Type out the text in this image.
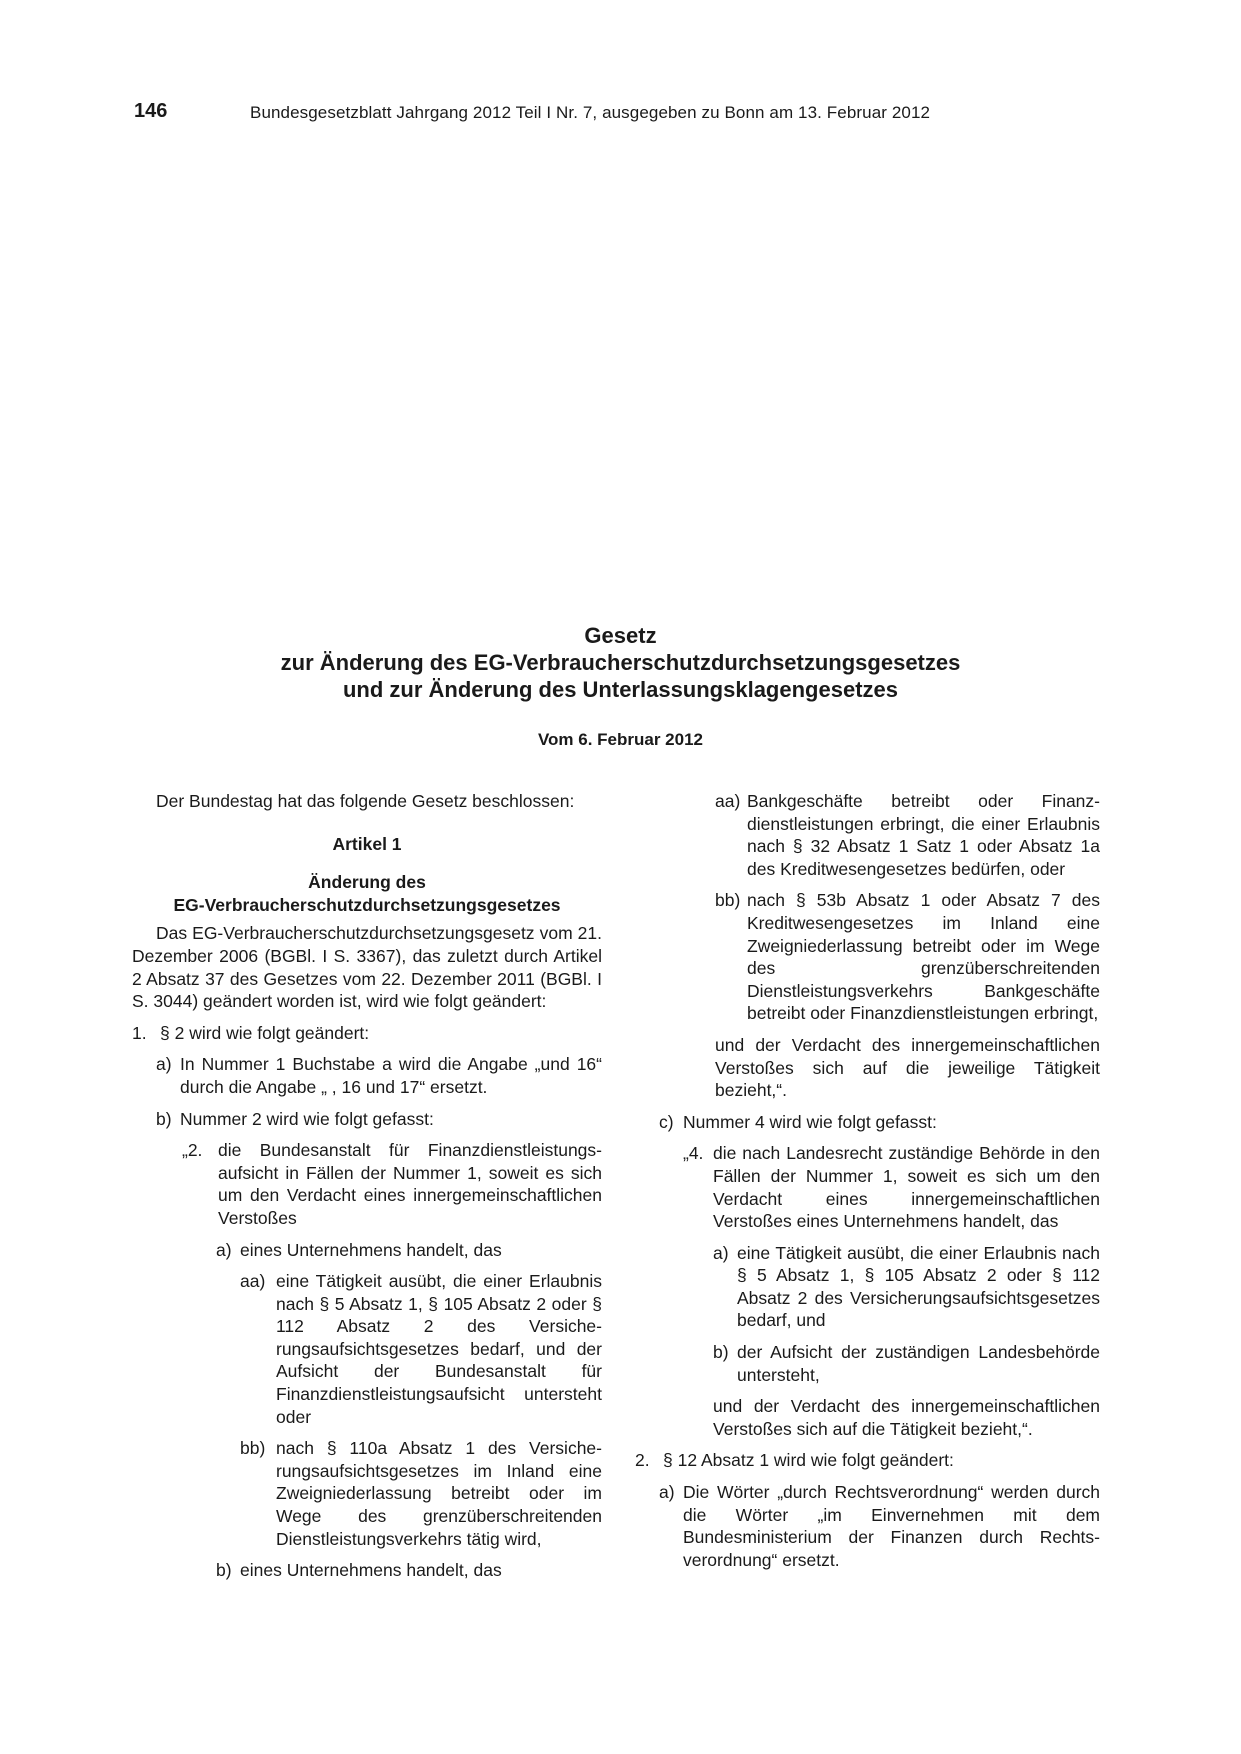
146	Bundesgesetzblatt Jahrgang 2012 Teil I Nr. 7, ausgegeben zu Bonn am 13. Februar 2012
Gesetz
zur Änderung des EG-Verbraucherschutzdurchsetzungsgesetzes
und zur Änderung des Unterlassungsklagengesetzes
Vom 6. Februar 2012

Der Bundestag hat das folgende Gesetz beschlossen:

Artikel 1

Änderung des

EG-Verbraucherschutzdurchsetzungsgesetzes

Das EG-Verbraucherschutzdurchsetzungsgesetz vom 21. Dezember 2006 (BGBl. I S. 3367), das zuletzt durch Artikel 2 Absatz 37 des Gesetzes vom 22. Dezember 2011 (BGBl. I S. 3044) geändert worden ist, wird wie folgt geändert:

1. § 2 wird wie folgt geändert:
a) In Nummer 1 Buchstabe a wird die Angabe „und 16“ durch die Angabe „ , 16 und 17“ ersetzt.
b) Nummer 2 wird wie folgt gefasst:
„2. die Bundesanstalt für Finanzdienstleistungsaufsicht in Fällen der Nummer 1, soweit es sich um den Verdacht eines innergemeinschaftlichen Verstoßes
a) eines Unternehmens handelt, das
aa) eine Tätigkeit ausübt, die einer Erlaubnis nach § 5 Absatz 1, § 105 Absatz 2 oder § 112 Absatz 2 des Versicherungsaufsichtsgesetzes bedarf, und der Aufsicht der Bundesanstalt für Finanzdienstleistungsaufsicht untersteht oder
bb) nach § 110a Absatz 1 des Versicherungsaufsichtsgesetzes im Inland eine Zweigniederlassung betreibt oder im Wege des grenzüberschreitenden Dienstleistungsverkehrs tätig wird,
b) eines Unternehmens handelt, das
aa) Bankgeschäfte betreibt oder Finanzdienstleistungen erbringt, die einer Erlaubnis nach § 32 Absatz 1 Satz 1 oder Absatz 1a des Kreditwesengesetzes bedürfen, oder
bb) nach § 53b Absatz 1 oder Absatz 7 des Kreditwesengesetzes im Inland eine Zweigniederlassung betreibt oder im Wege des grenzüberschreitenden Dienstleistungsverkehrs Bankgeschäfte betreibt oder Finanzdienstleistungen erbringt,

und der Verdacht des innergemeinschaftlichen Verstoßes sich auf die jeweilige Tätigkeit bezieht,“.

c) Nummer 4 wird wie folgt gefasst:
„4. die nach Landesrecht zuständige Behörde in den Fällen der Nummer 1, soweit es sich um den Verdacht eines innergemeinschaftlichen Verstoßes eines Unternehmens handelt, das
a) eine Tätigkeit ausübt, die einer Erlaubnis nach § 5 Absatz 1, § 105 Absatz 2 oder § 112 Absatz 2 des Versicherungsaufsichtsgesetzes bedarf, und
b) der Aufsicht der zuständigen Landesbehörde untersteht,

und der Verdacht des innergemeinschaftlichen Verstoßes sich auf die Tätigkeit bezieht,“.

2. § 12 Absatz 1 wird wie folgt geändert:
a) Die Wörter „durch Rechtsverordnung“ werden durch die Wörter „im Einvernehmen mit dem Bundesministerium der Finanzen durch Rechtsverordnung“ ersetzt.
